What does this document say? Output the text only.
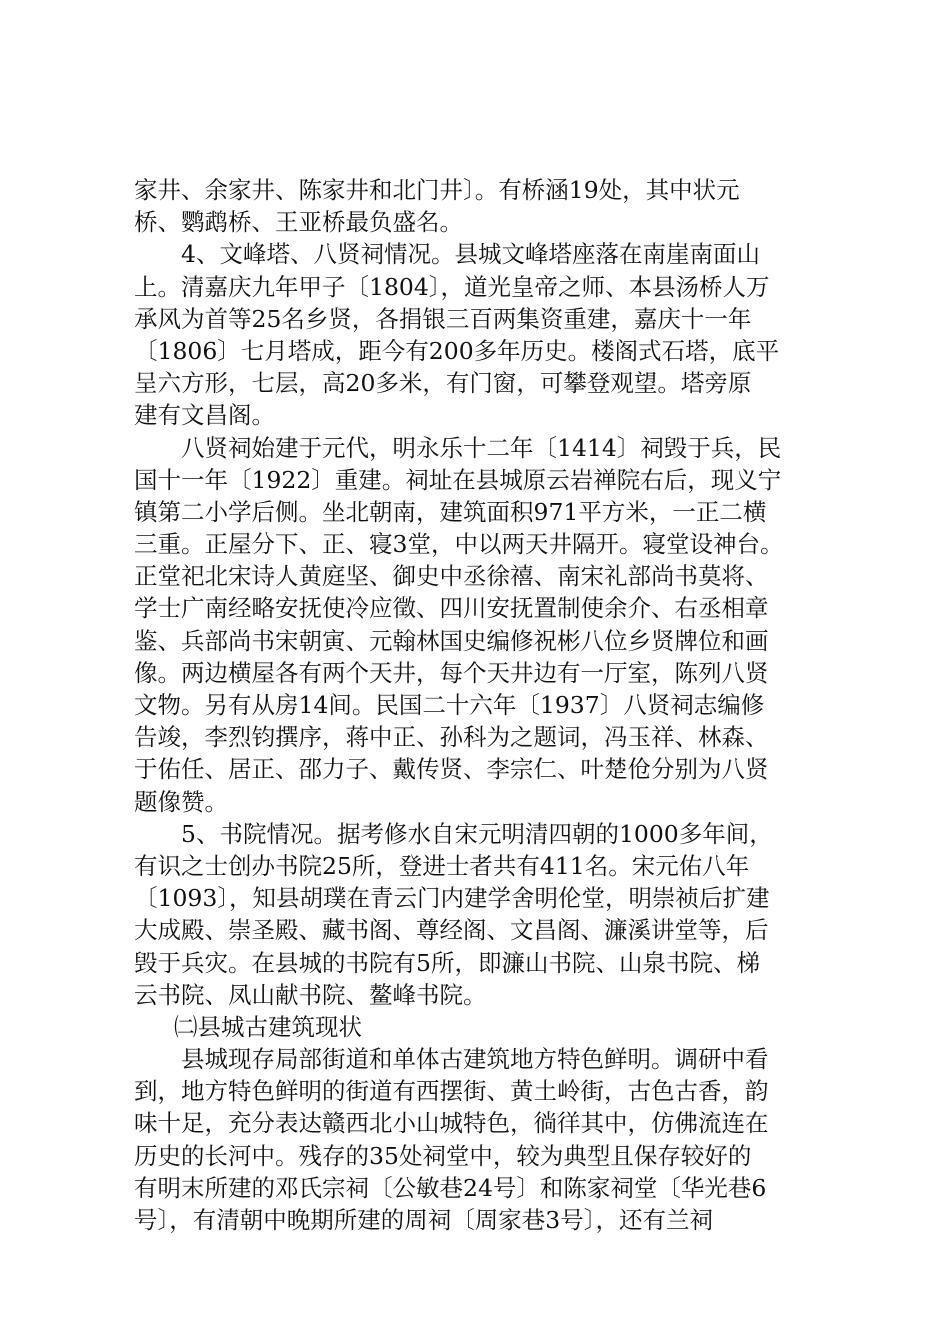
家井、余家井、陈家井和北门井〕。有桥涵19处，其中状元
桥、鹦鹉桥、王亚桥最负盛名。
4、文峰塔、八贤祠情况。县城文峰塔座落在南崖南面山
上。清嘉庆九年甲子〔1804〕，道光皇帝之师、本县汤桥人万
承风为首等25名乡贤，各捐银三百两集资重建，嘉庆十一年
〔1806〕七月塔成，距今有200多年历史。楼阁式石塔，底平
呈六方形，七层，高20多米，有门窗，可攀登观望。塔旁原
建有文昌阁。
八贤祠始建于元代，明永乐十二年〔1414〕祠毁于兵，民
国十一年〔1922〕重建。祠址在县城原云岩禅院右后，现义宁
镇第二小学后侧。坐北朝南，建筑面积971平方米，一正二横
三重。正屋分下、正、寝3堂，中以两天井隔开。寝堂设神台。
正堂祀北宋诗人黄庭坚、御史中丞徐禧、南宋礼部尚书莫将、
学士广南经略安抚使冷应徵、四川安抚置制使余介、右丞相章
鉴、兵部尚书宋朝寅、元翰林国史编修祝彬八位乡贤牌位和画
像。两边横屋各有两个天井，每个天井边有一厅室，陈列八贤
文物。另有从房14间。民国二十六年〔1937〕八贤祠志编修
告竣，李烈钧撰序，蒋中正、孙科为之题词，冯玉祥、林森、
于佑任、居正、邵力子、戴传贤、李宗仁、叶楚伧分别为八贤
题像赞。
5、书院情况。据考修水自宋元明清四朝的1000多年间，
有识之士创办书院25所，登进士者共有411名。宋元佑八年
〔1093〕，知县胡璞在青云门内建学舍明伦堂，明崇祯后扩建
大成殿、崇圣殿、藏书阁、尊经阁、文昌阁、濂溪讲堂等，后
毁于兵灾。在县城的书院有5所，即濂山书院、山泉书院、梯
云书院、凤山献书院、鳌峰书院。
㈡县城古建筑现状
县城现存局部街道和单体古建筑地方特色鲜明。调研中看
到，地方特色鲜明的街道有西摆街、黄土岭街，古色古香，韵
味十足，充分表达赣西北小山城特色，徜徉其中，仿佛流连在
历史的长河中。残存的35处祠堂中，较为典型且保存较好的
有明末所建的邓氏宗祠〔公敏巷24号〕和陈家祠堂〔华光巷6
号〕，有清朝中晚期所建的周祠〔周家巷3号〕，还有兰祠
